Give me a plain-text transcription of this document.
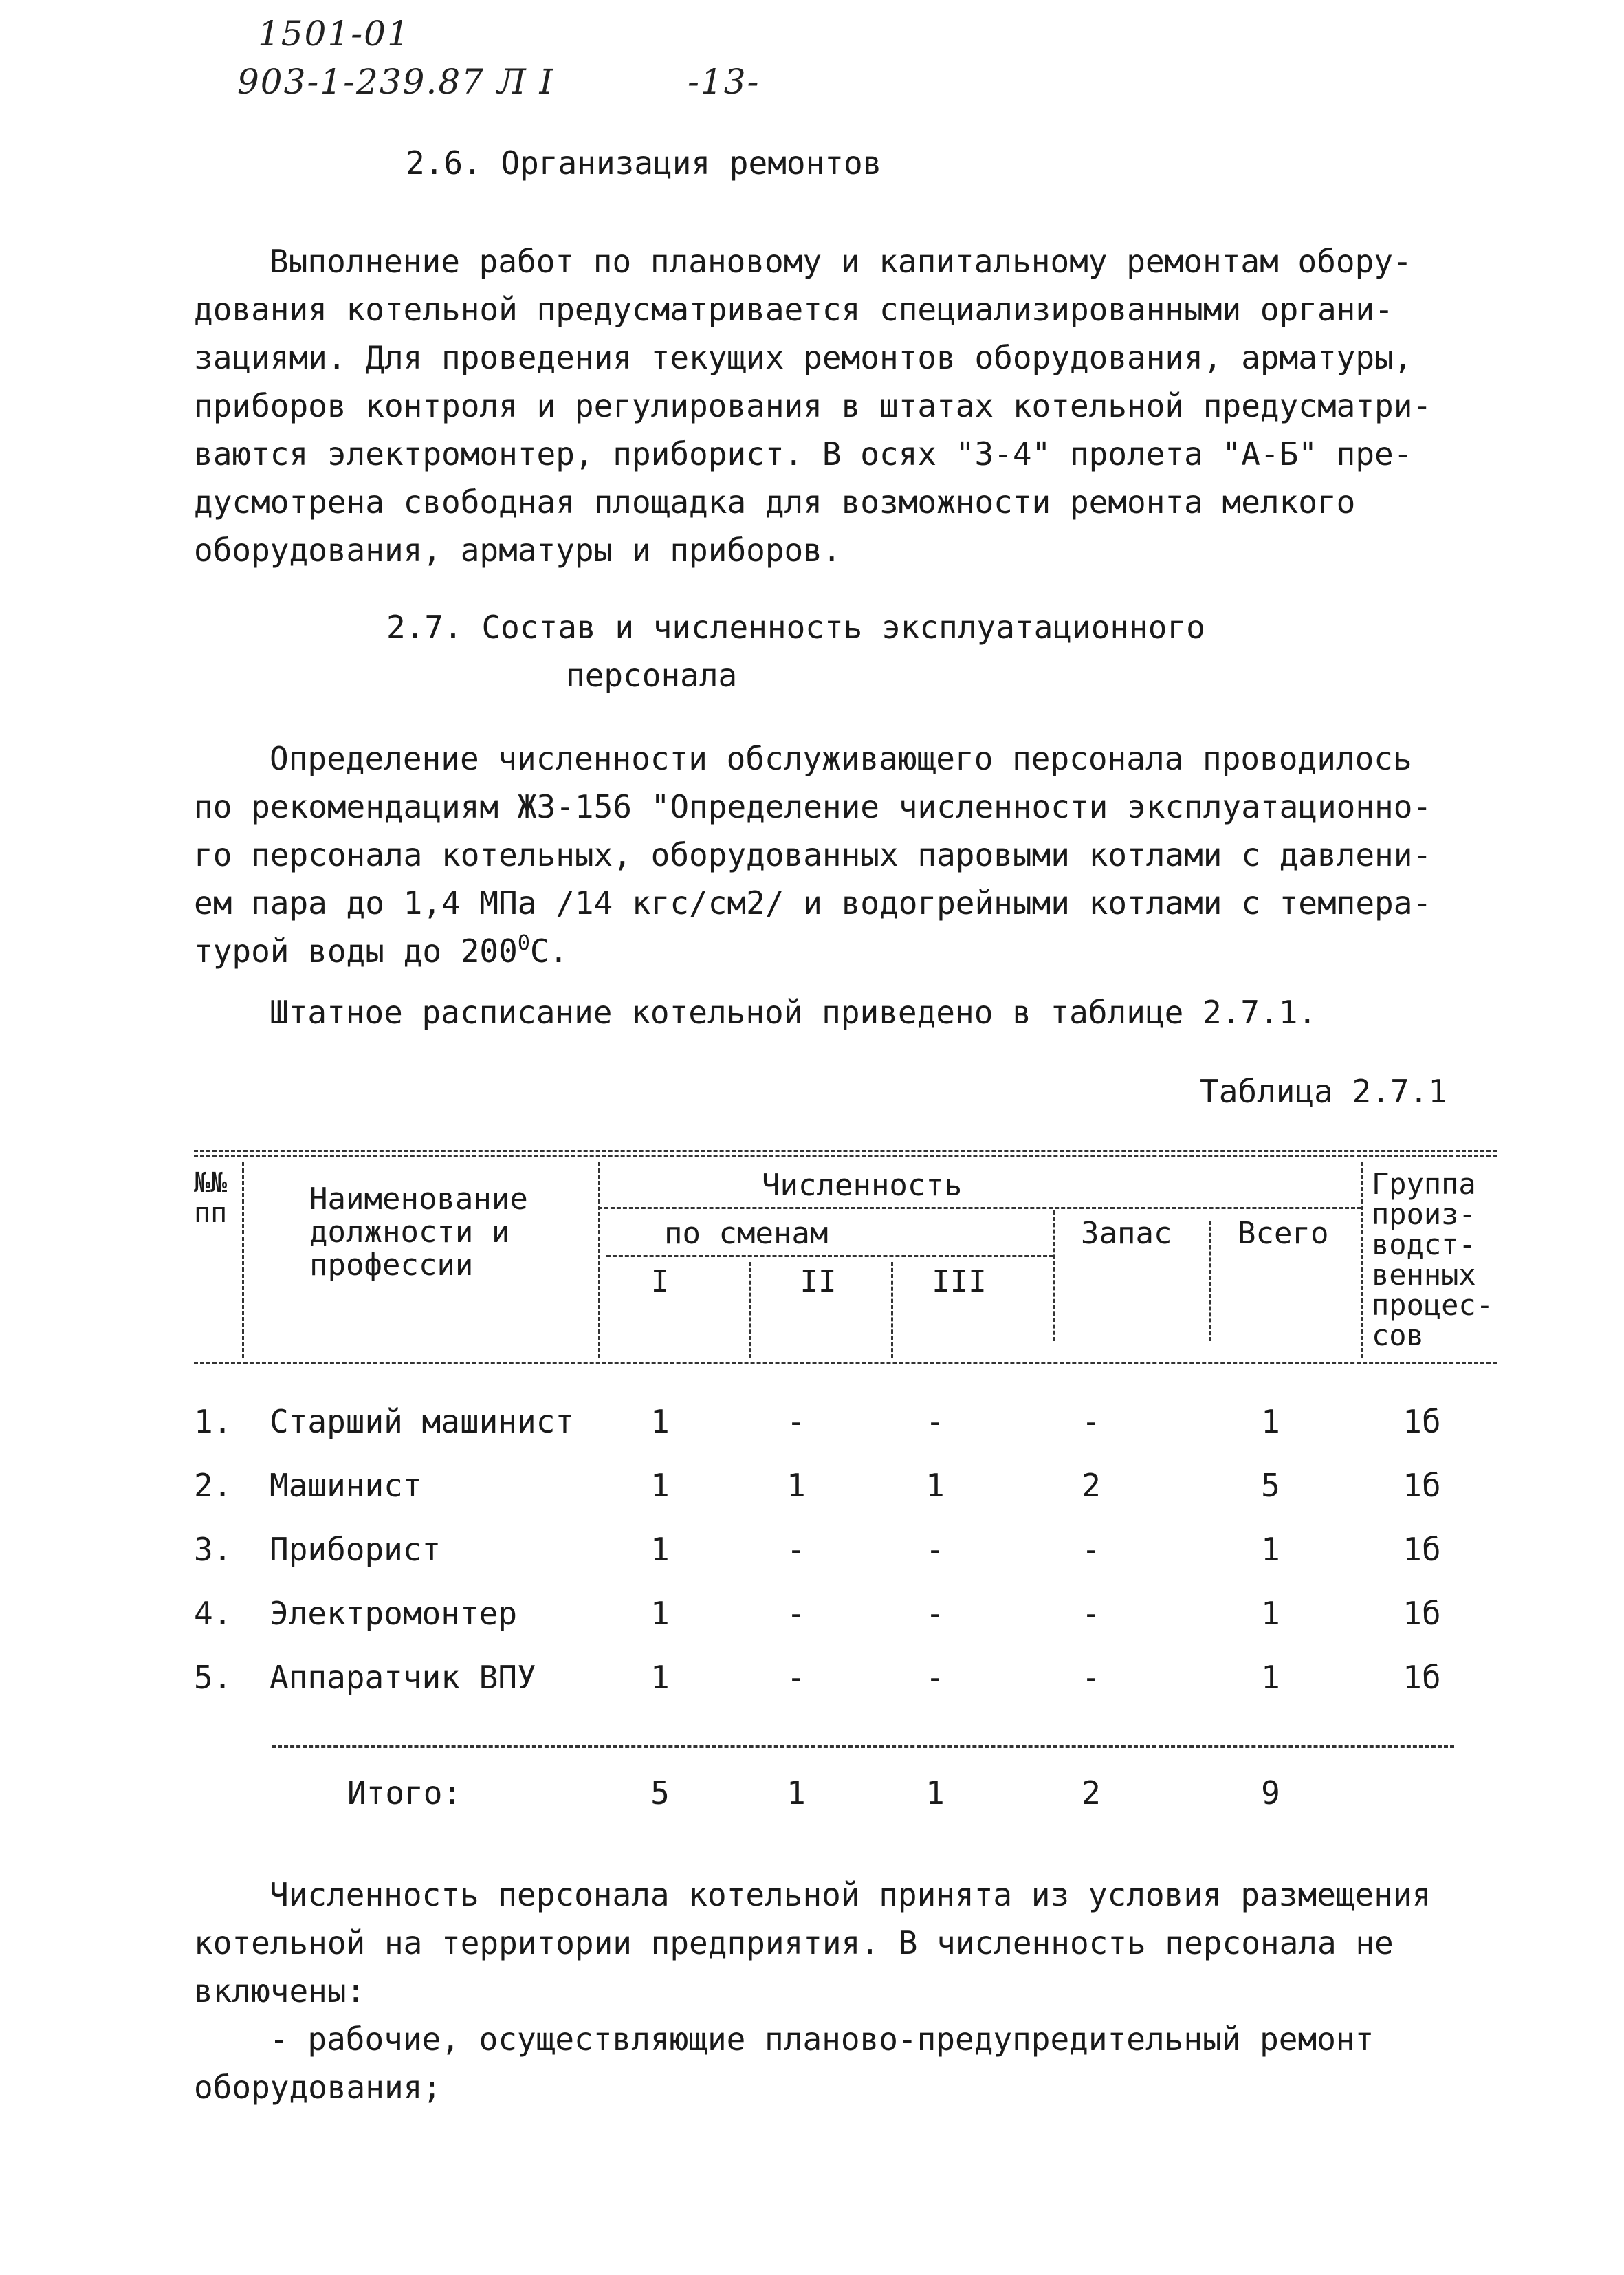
1501-01
903-1-239.87 Л I	-13-
2.6. Организация ремонтов
Выполнение работ по плановому и капитальному ремонтам обору-
дования котельной предусматривается специализированными органи-
зациями. Для проведения текущих ремонтов оборудования, арматуры,
приборов контроля и регулирования в штатах котельной предусматри-
ваются электромонтер, приборист. В осях "3-4" пролета "А-Б" пре-
дусмотрена свободная площадка для возможности ремонта мелкого
оборудования, арматуры и приборов.
2.7. Состав и численность эксплуатационного
персонала
Определение численности обслуживающего персонала проводилось
по рекомендациям ЖЗ-156 "Определение численности эксплуатационно-
го персонала котельных, оборудованных паровыми котлами с давлени-
ем пара до 1,4 МПа /14 кгс/см2/ и водогрейными котлами с темпера-
турой воды до $200^0С$.
Штатное расписание котельной приведено в таблице 2.7.1.
Таблица 2.7.1
№№ пп	Наименование
должности и
профессии
Численность
по сменам
I	II	III
Запас Всего
Группа
произ-
водст-
венных
процес-
сов
1. Старший машинист 1	-	-	-	1	1б
2. Машинист	1	1	1	2	5	1б
3. Приборист	1	-	-	-	1	1б
4. Электромонтер	1	-	-	-	1	1б
5. Аппаратчик ВПУ	1	-	-	-	1	1б
Итого:	5	1	1	2	9
Численность персонала котельной принята из условия размещения
котельной на территории предприятия. В численность персонала не
включены:
- рабочие, осуществляющие планово-предупредительный ремонт
оборудования;
